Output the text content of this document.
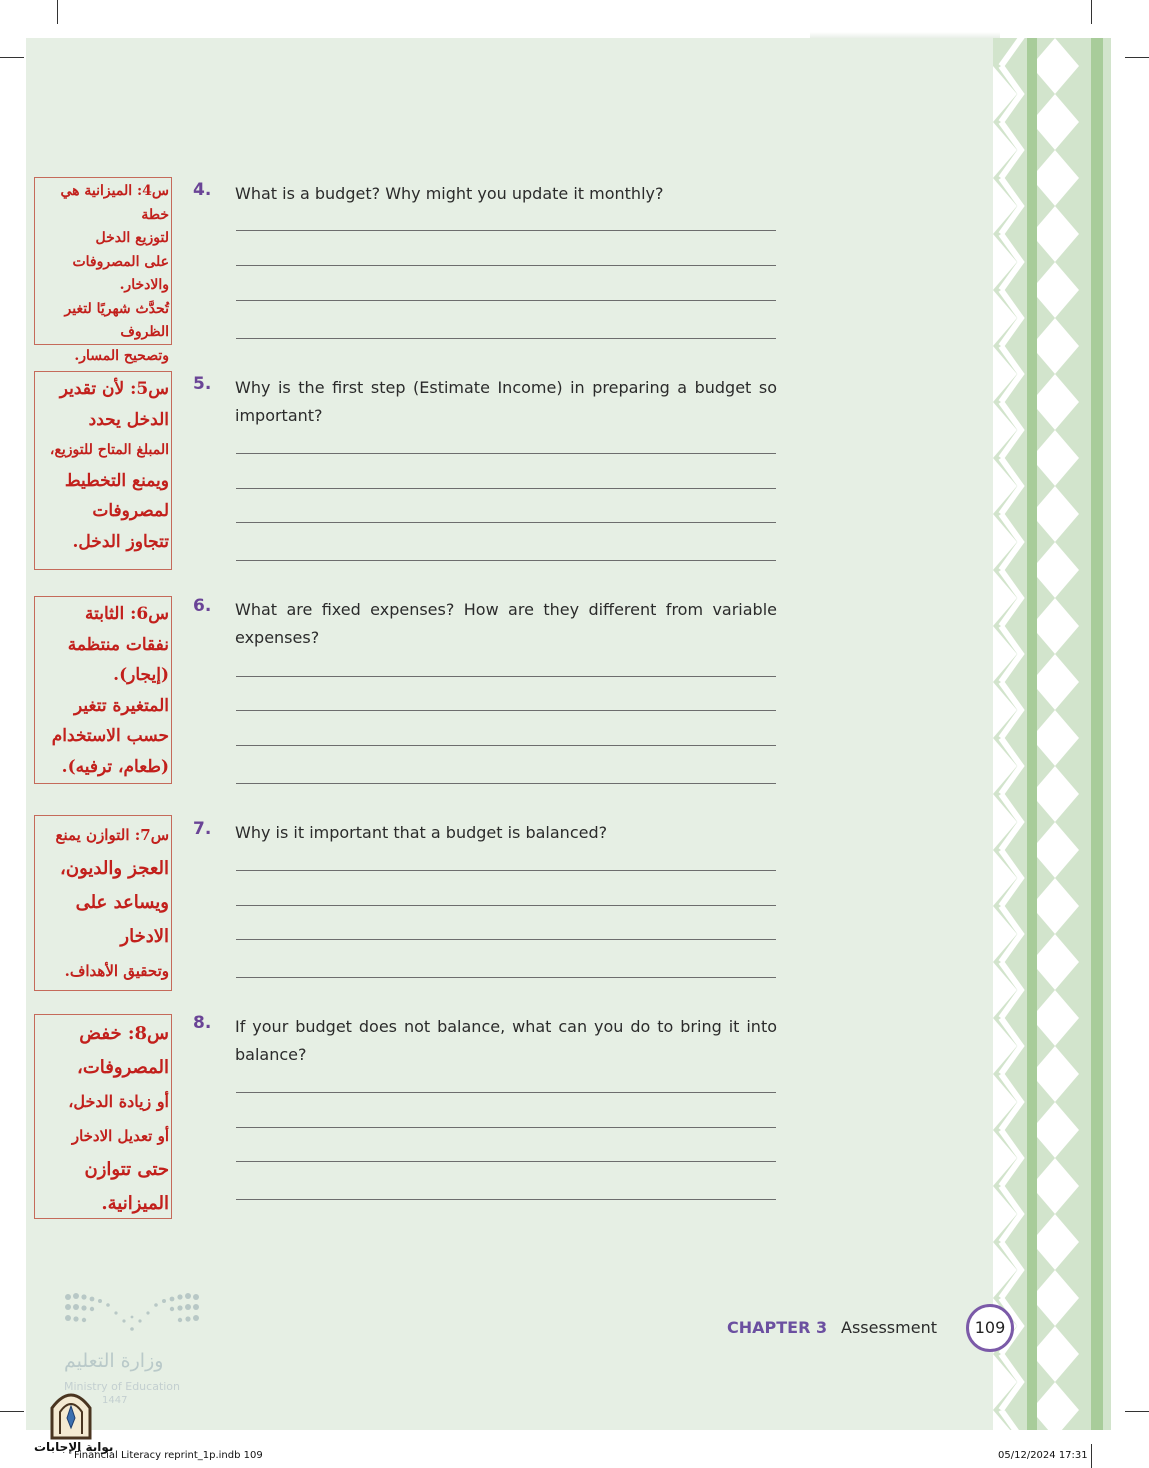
4.	What is a budget? Why might you update it monthly?
5.	Why is the first step (Estimate Income) in preparing a budget so important?
6.	What are fixed expenses? How are they different from variable expenses?
7.	Why is it important that a budget is balanced?
8.	If your budget does not balance, what can you do to bring it into balance?
س4: الميزانية هي خطة
لتوزيع الدخل
على المصروفات
والادخار.
تُحدَّث شهريًا لتغير
الظروف
وتصحيح المسار.
س5: لأن تقدير
الدخل يحدد
المبلغ المتاح للتوزيع،
ويمنع التخطيط
لمصروفات
تتجاوز الدخل.
س6: الثابتة
نفقات منتظمة
(إيجار).
المتغيرة تتغير
حسب الاستخدام
(طعام، ترفيه).
س7: التوازن يمنع
العجز والديون،
ويساعد على
الادخار
وتحقيق الأهداف.
س8: خفض
المصروفات،
أو زيادة الدخل،
أو تعديل الادخار
حتى تتوازن
الميزانية.
CHAPTER 3 Assessment	109
وزارة التعليم
Ministry of Education
1447
بوابة الإجابات
Financial Literacy reprint_1p.indb 109	05/12/2024 17:31
